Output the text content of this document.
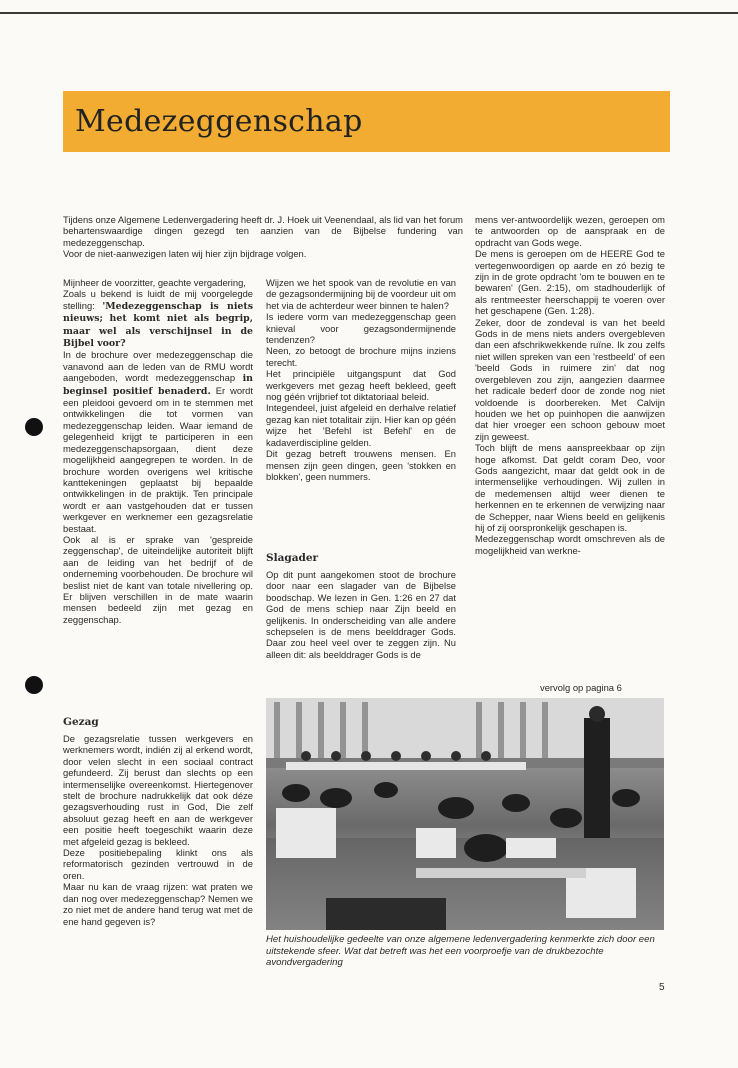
Medezeggenschap

Tijdens onze Algemene Ledenvergadering heeft dr. J. Hoek uit Veenendaal, als lid van het forum behartenswaardige dingen gezegd ten aanzien van de Bijbelse fundering van medezeggenschap.

Voor de niet-aanwezigen laten wij hier zijn bijdrage volgen.

Mijnheer de voorzitter, geachte vergadering,

Zoals u bekend is luidt de mij voorgelegde stelling: 'Medezeggenschap is niets nieuws; het komt niet als begrip, maar wel als verschijnsel in de Bijbel voor?

In de brochure over medezeggenschap die vanavond aan de leden van de RMU wordt aangeboden, wordt medezeggenschap in beginsel positief benaderd. Er wordt een pleidooi gevoerd om in te stemmen met ontwikkelingen die tot vormen van medezeggenschap leiden. Waar iemand de gelegenheid krijgt te participeren in een medezeggenschapsorgaan, dient deze mogelijkheid aangegrepen te worden. In de brochure worden overigens wel kritische kanttekeningen geplaatst bij bepaalde ontwikkelingen in de praktijk. Ten principale wordt er aan vastgehouden dat er tussen werkgever en werknemer een gezagsrelatie bestaat.

Ook al is er sprake van 'gespreide zeggenschap', de uiteindelijke autoriteit blijft aan de leiding van het bedrijf of de onderneming voorbehouden. De brochure wil beslist niet de kant van totale nivellering op. Er blijven verschillen in de mate waarin mensen bedeeld zijn met gezag en zeggenschap.

Gezag

De gezagsrelatie tussen werkgevers en werknemers wordt, indién zij al erkend wordt, door velen slecht in een sociaal contract gefundeerd. Zij berust dan slechts op een intermenselijke overeenkomst. Hiertegenover stelt de brochure nadrukkelijk dat ook déze gezagsverhouding rust in God, Die zelf absoluut gezag heeft en aan de werkgever een positie heeft toegeschikt waarin deze met afgeleid gezag is bekleed.

Deze positiebepaling klinkt ons als reformatorisch gezinden vertrouwd in de oren.

Maar nu kan de vraag rijzen: wat praten we dan nog over medezeggenschap? Nemen we zo niet met de andere hand terug wat met de ene hand gegeven is?

Wijzen we het spook van de revolutie en van de gezagsondermijning bij de voordeur uit om het via de achterdeur weer binnen te halen?

Is iedere vorm van medezeggenschap geen knieval voor gezagsondermijnende tendenzen?

Neen, zo betoogt de brochure mijns inziens terecht.

Het principiële uitgangspunt dat God werkgevers met gezag heeft bekleed, geeft nog géén vrijbrief tot diktatoriaal beleid.

Integendeel, juist afgeleid en derhalve relatief gezag kan niet totalitair zijn. Hier kan op géén wijze het 'Befehl ist Befehl' en de kadaverdiscipline gelden.

Dit gezag betreft trouwens mensen. En mensen zijn geen dingen, geen 'stokken en blokken', geen nummers.

Slagader

Op dit punt aangekomen stoot de brochure door naar een slagader van de Bijbelse boodschap. We lezen in Gen. 1:26 en 27 dat God de mens schiep naar Zijn beeld en gelijkenis. In onderscheiding van alle andere schepselen is de mens beelddrager Gods. Daar zou heel veel over te zeggen zijn. Nu alleen dit: als beelddrager Gods is de

mens ver-antwoordelijk wezen, geroepen om te antwoorden op de aanspraak en de opdracht van Gods wege.

De mens is geroepen om de HEERE God te vertegenwoordigen op aarde en zó bezig te zijn in de grote opdracht 'om te bouwen en te bewaren' (Gen. 2:15), om stadhouderlijk of als rentmeester heerschappij te voeren over het geschapene (Gen. 1:28).

Zeker, door de zondeval is van het beeld Gods in de mens niets anders overgebleven dan een afschrikwekkende ruïne. Ik zou zelfs niet willen spreken van een 'restbeeld' of een 'beeld Gods in ruimere zin' dat nog overgebleven zou zijn, aangezien daarmee het radicale bederf door de zonde nog niet voldoende is doorbereken. Met Calvijn houden we het op puinhopen die aanwijzen dat hier vroeger een schoon gebouw moet zijn geweest.

Toch blijft de mens aanspreekbaar op zijn hoge afkomst. Dat geldt coram Deo, voor Gods aangezicht, maar dat geldt ook in de intermenselijke verhoudingen. Wij zullen in de medemensen altijd weer dienen te herkennen en te erkennen de verwijzing naar de Schepper, naar Wiens beeld en gelijkenis hij of zij oorspronkelijk geschapen is.

Medezeggenschap wordt omschreven als de mogelijkheid van werkne-

vervolg op pagina 6

Het huishoudelijke gedeelte van onze algemene ledenvergadering kenmerkte zich door een uitstekende sfeer. Wat dat betreft was het een voorproefje van de drukbezochte avondvergadering

5
